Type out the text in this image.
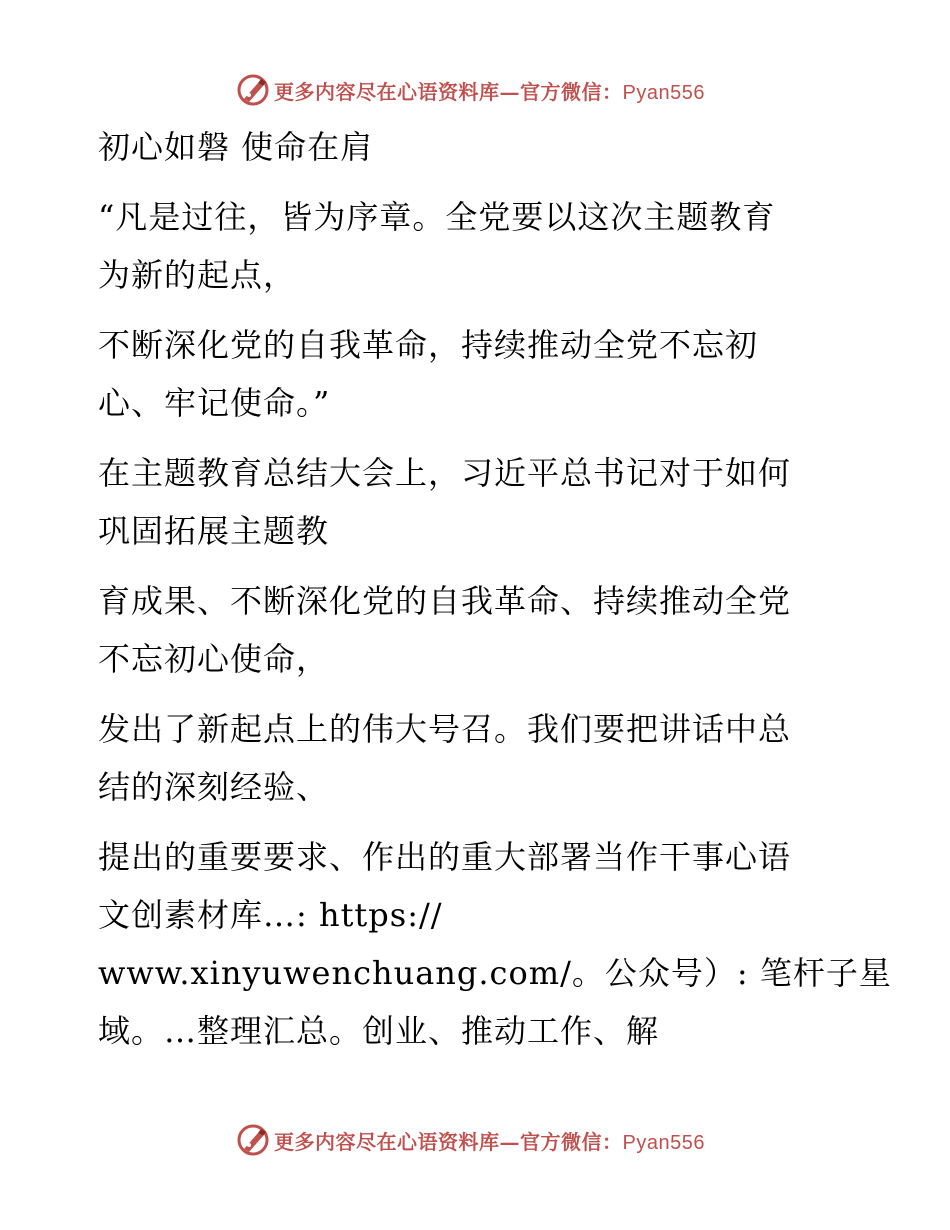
更多内容尽在心语资料库—官方微信：Pyan556
初心如磐 使命在肩
“凡是过往，皆为序章。全党要以这次主题教育
为新的起点，
不断深化党的自我革命，持续推动全党不忘初
心、牢记使命。”
在主题教育总结大会上，习近平总书记对于如何
巩固拓展主题教
育成果、不断深化党的自我革命、持续推动全党
不忘初心使命，
发出了新起点上的伟大号召。我们要把讲话中总
结的深刻经验、
提出的重要要求、作出的重大部署当作干事心语
文创素材库…: https://
www.xinyuwenchuang.com/。公众号）: 笔杆子星
域。…整理汇总。创业、推动工作、解
更多内容尽在心语资料库—官方微信：Pyan556
